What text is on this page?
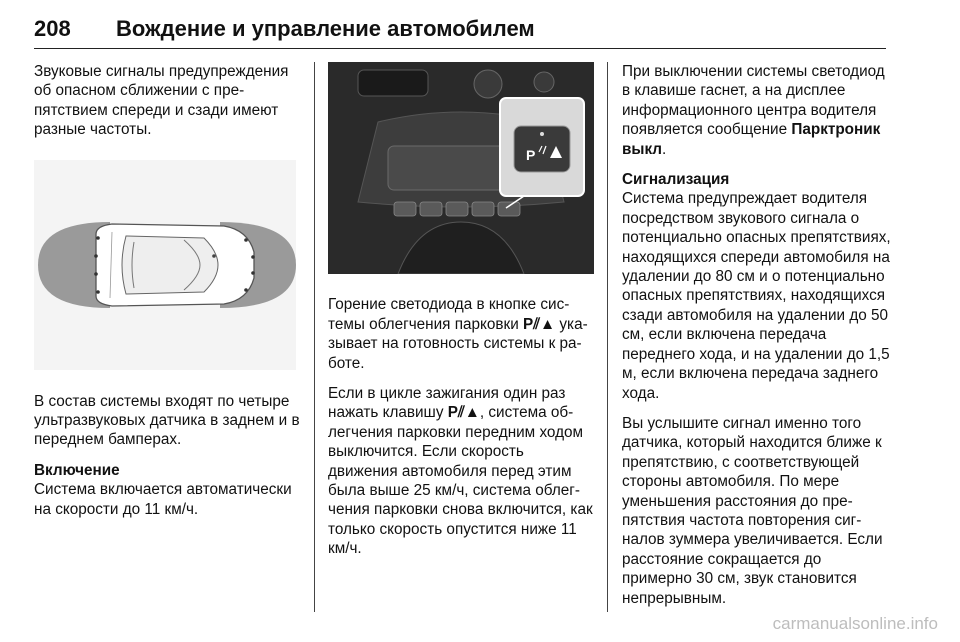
208 Вождение и управление автомобилем

Звуковые сигналы предупреждения об опасном сближении с препятствием спереди и сзади имеют разные частоты.

В состав системы входят по четыре ультразвуковых датчика в заднем и в переднем бамперах.

Включение
Система включается автоматически на скорости до 11 км/ч.

P

Горение светодиода в кнопке системы облегчения парковки P⫽▲ указывает на готовность системы к работе.

Если в цикле зажигания один раз нажать клавишу P⫽▲, система облегчения парковки передним ходом выключится. Если скорость движения автомобиля перед этим была выше 25 км/ч, система облегчения парковки снова включится, как только скорость опустится ниже 11 км/ч.

При выключении системы светодиод в клавише гаснет, а на дисплее информационного центра водителя появляется сообщение Парктроник выкл.

Сигнализация
Система предупреждает водителя посредством звукового сигнала о потенциально опасных препятствиях, находящихся спереди автомобиля на удалении до 80 см и о потенциально опасных препятствиях, находящихся сзади автомобиля на удалении до 50 см, если включена передача переднего хода, и на удалении до 1,5 м, если включена передача заднего хода.

Вы услышите сигнал именно того датчика, который находится ближе к препятствию, с соответствующей стороны автомобиля. По мере уменьшения расстояния до препятствия частота повторения сигналов зуммера увеличивается. Если расстояние сокращается до примерно 30 см, звук становится непрерывным.

carmanualsonline.info
